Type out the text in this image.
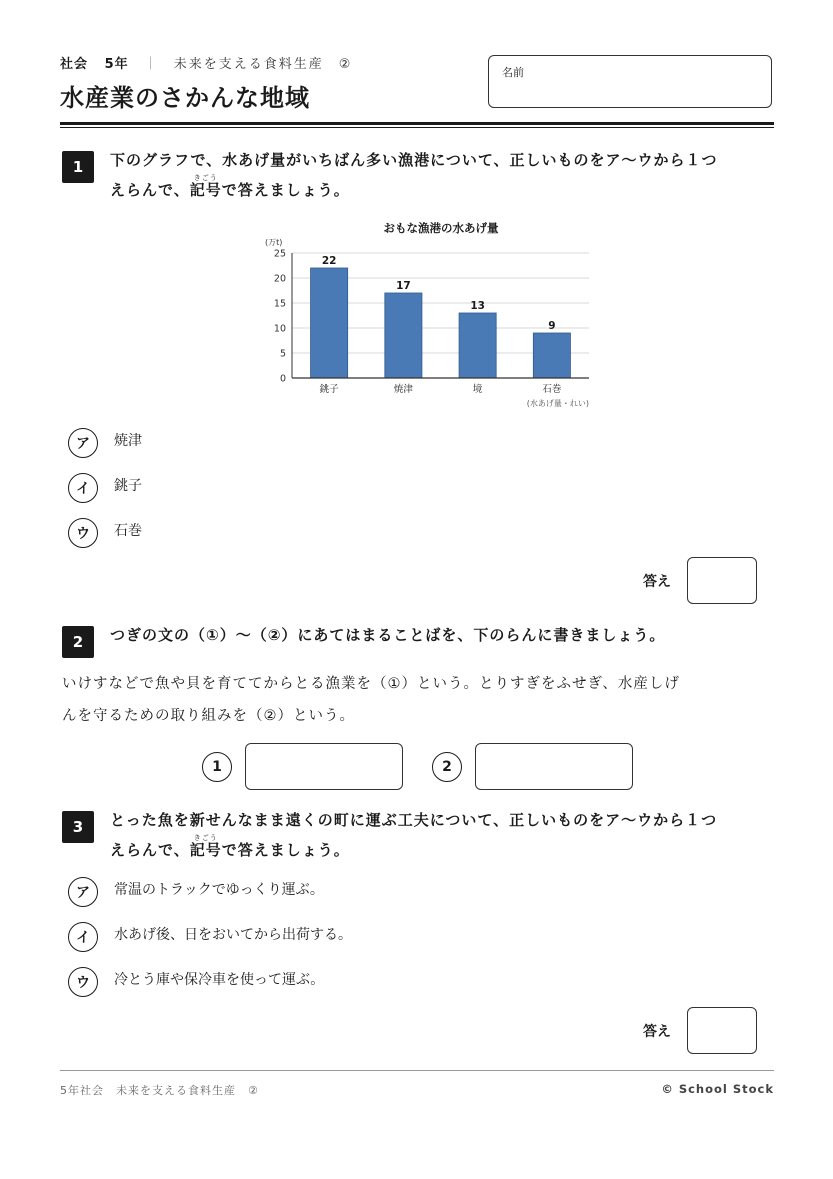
社会 5年 ｜ 未来を支える食料生産　②
水産業のさかんな地域
名前
1	下のグラフで、水あげ量がいちばん多い漁港について、正しいものをア～ウから１つ
えらんで、記号
きごう
で答えましょう。
おもな漁港の水あげ量
(万t)
22
17
13
9
0
5
10
15
20
25
銚子	焼津	境	石巻
(水あげ量・れい)
ア	焼津
イ	銚子
ウ	石巻
答え
2	つぎの文の（①）～（②）にあてはまることばを、下のらんに書きましょう。
いけすなどで魚や貝を育ててからとる漁業を（①）という。とりすぎをふせぎ、水産しげ
んを守るための取り組みを（②）という。
1	2
3	とった魚を新せんなまま遠くの町に運ぶ工夫について、正しいものをア～ウから１つ
えらんで、記号
きごう
で答えましょう。
ア	常温のトラックでゆっくり運ぶ。
イ	水あげ後、日をおいてから出荷する。
ウ	冷とう庫や保冷車を使って運ぶ。
答え
5年社会　未来を支える食料生産　②	© School Stock
